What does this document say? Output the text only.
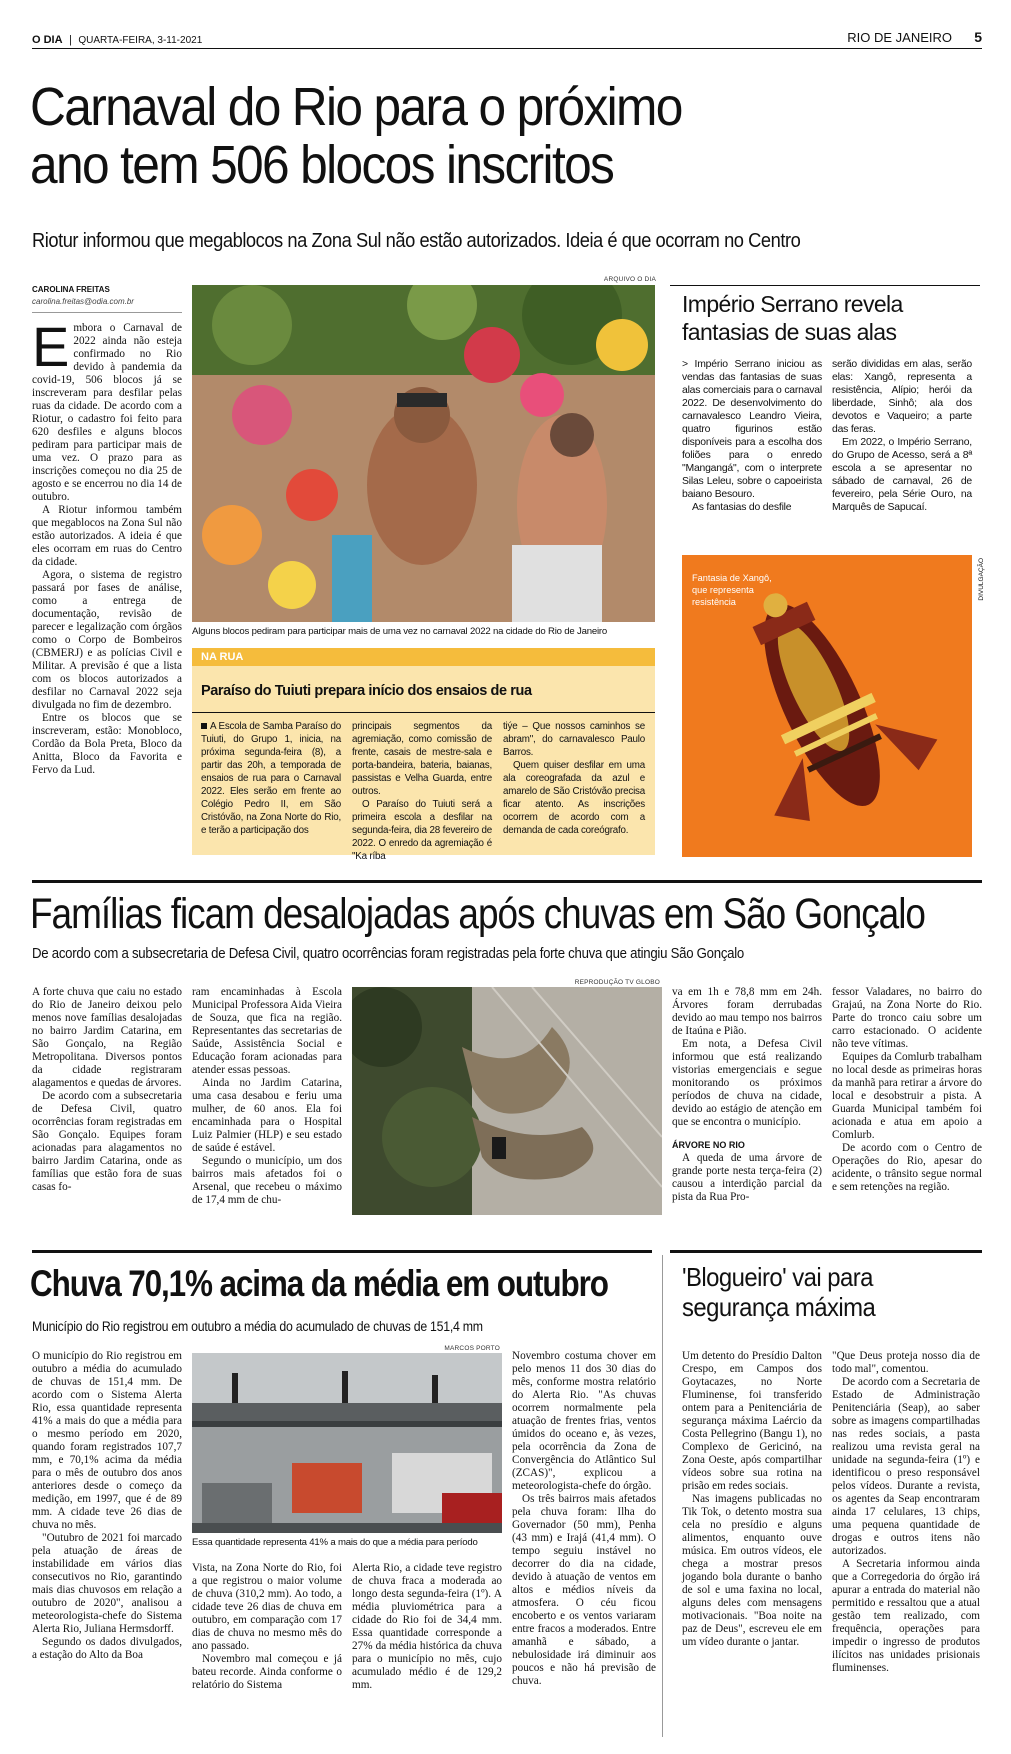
O DIA | QUARTA-FEIRA, 3-11-2021	RIO DE JANEIRO 5
Carnaval do Rio para o próximo ano tem 506 blocos inscritos
Riotur informou que megablocos na Zona Sul não estão autorizados. Ideia é que ocorram no Centro
CAROLINA FREITAS
carolina.freitas@odia.com.br
E mbora o Carnaval de 2022 ainda não esteja confirmado no Rio devido à pandemia da covid-19, 506 blocos já se inscreveram para desfilar pelas ruas da cidade. De acordo com a Riotur, o cadastro foi feito para 620 desfiles e alguns blocos pediram para participar mais de uma vez. O prazo para as inscrições começou no dia 25 de agosto e se encerrou no dia 14 de outubro.

A Riotur informou também que megablocos na Zona Sul não estão autorizados. A ideia é que eles ocorram em ruas do Centro da cidade.

Agora, o sistema de registro passará por fases de análise, como a entrega de documentação, revisão de parecer e legalização com órgãos como o Corpo de Bombeiros (CBMERJ) e as polícias Civil e Militar. A previsão é que a lista com os blocos autorizados a desfilar no Carnaval 2022 seja divulgada no fim de dezembro.

Entre os blocos que se inscreveram, estão: Monobloco, Cordão da Bola Preta, Bloco da Anitta, Bloco da Favorita e Fervo da Lud.

ARQUIVO O DIA
Alguns blocos pediram para participar mais de uma vez no carnaval 2022 na cidade do Rio de Janeiro
NA RUA
Paraíso do Tuiuti prepara início dos ensaios de rua

A Escola de Samba Paraíso do Tuiuti, do Grupo 1, inicia, na próxima segunda-feira (8), a partir das 20h, a temporada de ensaios de rua para o Carnaval 2022. Eles serão em frente ao Colégio Pedro II, em São Cristóvão, na Zona Norte do Rio, e terão a participação dos

principais segmentos da agremiação, como comissão de frente, casais de mestre-sala e porta-bandeira, bateria, baianas, passistas e Velha Guarda, entre outros.

O Paraíso do Tuiuti será a primeira escola a desfilar na segunda-feira, dia 28 fevereiro de 2022. O enredo da agremiação é "Ka ríba

tiýe – Que nossos caminhos se abram", do carnavalesco Paulo Barros.

Quem quiser desfilar em uma ala coreografada da azul e amarelo de São Cristóvão precisa ficar atento. As inscrições ocorrem de acordo com a demanda de cada coreógrafo.

Império Serrano revela fantasias de suas alas

> Império Serrano iniciou as vendas das fantasias de suas alas comerciais para o carnaval 2022. De desenvolvimento do carnavalesco Leandro Vieira, quatro figurinos estão disponíveis para a escolha dos foliões para o enredo "Mangangá", com o interprete Silas Leleu, sobre o capoeirista baiano Besouro.

As fantasias do desfile

serão divididas em alas, serão elas: Xangô, representa a resistência, Alípio; herói da liberdade, Sinhô; ala dos devotos e Vaqueiro; a parte das feras.

Em 2022, o Império Serrano, do Grupo de Acesso, será a 8ª escola a se apresentar no sábado de carnaval, 26 de fevereiro, pela Série Ouro, na Marquês de Sapucaí.

Fantasia de Xangô, que representa resistência
DIVULGAÇÃO
Famílias ficam desalojadas após chuvas em São Gonçalo
De acordo com a subsecretaria de Defesa Civil, quatro ocorrências foram registradas pela forte chuva que atingiu São Gonçalo

A forte chuva que caiu no estado do Rio de Janeiro deixou pelo menos nove famílias desalojadas no bairro Jardim Catarina, em São Gonçalo, na Região Metropolitana. Diversos pontos da cidade registraram alagamentos e quedas de árvores.

De acordo com a subsecretaria de Defesa Civil, quatro ocorrências foram registradas em São Gonçalo. Equipes foram acionadas para alagamentos no bairro Jardim Catarina, onde as famílias que estão fora de suas casas fo-

ram encaminhadas à Escola Municipal Professora Aida Vieira de Souza, que fica na região. Representantes das secretarias de Saúde, Assistência Social e Educação foram acionadas para atender essas pessoas.

Ainda no Jardim Catarina, uma casa desabou e feriu uma mulher, de 60 anos. Ela foi encaminhada para o Hospital Luiz Palmier (HLP) e seu estado de saúde é estável.

Segundo o município, um dos bairros mais afetados foi o Arsenal, que recebeu o máximo de 17,4 mm de chu-

REPRODUÇÃO TV GLOBO

va em 1h e 78,8 mm em 24h. Árvores foram derrubadas devido ao mau tempo nos bairros de Itaúna e Pião.

Em nota, a Defesa Civil informou que está realizando vistorias emergenciais e segue monitorando os próximos períodos de chuva na cidade, devido ao estágio de atenção em que se encontra o município.

ÁRVORE NO RIO

A queda de uma árvore de grande porte nesta terça-feira (2) causou a interdição parcial da pista da Rua Pro-

fessor Valadares, no bairro do Grajaú, na Zona Norte do Rio. Parte do tronco caiu sobre um carro estacionado. O acidente não teve vítimas.

Equipes da Comlurb trabalham no local desde as primeiras horas da manhã para retirar a árvore do local e desobstruir a pista. A Guarda Municipal também foi acionada e atua em apoio a Comlurb.

De acordo com o Centro de Operações do Rio, apesar do acidente, o trânsito segue normal e sem retenções na região.

Chuva 70,1% acima da média em outubro
Município do Rio registrou em outubro a média do acumulado de chuvas de 151,4 mm

O município do Rio registrou em outubro a média do acumulado de chuvas de 151,4 mm. De acordo com o Sistema Alerta Rio, essa quantidade representa 41% a mais do que a média para o mesmo período em 2020, quando foram registrados 107,7 mm, e 70,1% acima da média para o mês de outubro dos anos anteriores desde o começo da medição, em 1997, que é de 89 mm. A cidade teve 26 dias de chuva no mês.

"Outubro de 2021 foi marcado pela atuação de áreas de instabilidade em vários dias consecutivos no Rio, garantindo mais dias chuvosos em relação a outubro de 2020", analisou a meteorologista-chefe do Sistema Alerta Rio, Juliana Hermsdorff.

Segundo os dados divulgados, a estação do Alto da Boa

MARCOS PORTO
Essa quantidade representa 41% a mais do que a média para período

Vista, na Zona Norte do Rio, foi a que registrou o maior volume de chuva (310,2 mm). Ao todo, a cidade teve 26 dias de chuva em outubro, em comparação com 17 dias de chuva no mesmo mês do ano passado.

Novembro mal começou e já bateu recorde. Ainda conforme o relatório do Sistema

Alerta Rio, a cidade teve registro de chuva fraca a moderada ao longo desta segunda-feira (1º). A média pluviométrica para a cidade do Rio foi de 34,4 mm. Essa quantidade corresponde a 27% da média histórica da chuva para o município no mês, cujo acumulado médio é de 129,2 mm.

Novembro costuma chover em pelo menos 11 dos 30 dias do mês, conforme mostra relatório do Alerta Rio. "As chuvas ocorrem normalmente pela atuação de frentes frias, ventos úmidos do oceano e, às vezes, pela ocorrência da Zona de Convergência do Atlântico Sul (ZCAS)", explicou a meteorologista-chefe do órgão.

Os três bairros mais afetados pela chuva foram: Ilha do Governador (50 mm), Penha (43 mm) e Irajá (41,4 mm). O tempo seguiu instável no decorrer do dia na cidade, devido à atuação de ventos em altos e médios níveis da atmosfera. O céu ficou encoberto e os ventos variaram entre fracos a moderados. Entre amanhã e sábado, a nebulosidade irá diminuir aos poucos e não há previsão de chuva.

'Blogueiro' vai para segurança máxima

Um detento do Presídio Dalton Crespo, em Campos dos Goytacazes, no Norte Fluminense, foi transferido ontem para a Penitenciária de segurança máxima Laércio da Costa Pellegrino (Bangu 1), no Complexo de Gericinó, na Zona Oeste, após compartilhar vídeos sobre sua rotina na prisão em redes sociais.

Nas imagens publicadas no Tik Tok, o detento mostra sua cela no presídio e alguns alimentos, enquanto ouve música. Em outros vídeos, ele chega a mostrar presos jogando bola durante o banho de sol e uma faxina no local, alguns deles com mensagens motivacionais. "Boa noite na paz de Deus", escreveu ele em um vídeo durante o jantar.

"Que Deus proteja nosso dia de todo mal", comentou.

De acordo com a Secretaria de Estado de Administração Penitenciária (Seap), ao saber sobre as imagens compartilhadas nas redes sociais, a pasta realizou uma revista geral na unidade na segunda-feira (1º) e identificou o preso responsável pelos vídeos. Durante a revista, os agentes da Seap encontraram ainda 17 celulares, 13 chips, uma pequena quantidade de drogas e outros itens não autorizados.

A Secretaria informou ainda que a Corregedoria do órgão irá apurar a entrada do material não permitido e ressaltou que a atual gestão tem realizado, com frequência, operações para impedir o ingresso de produtos ilícitos nas unidades prisionais fluminenses.
